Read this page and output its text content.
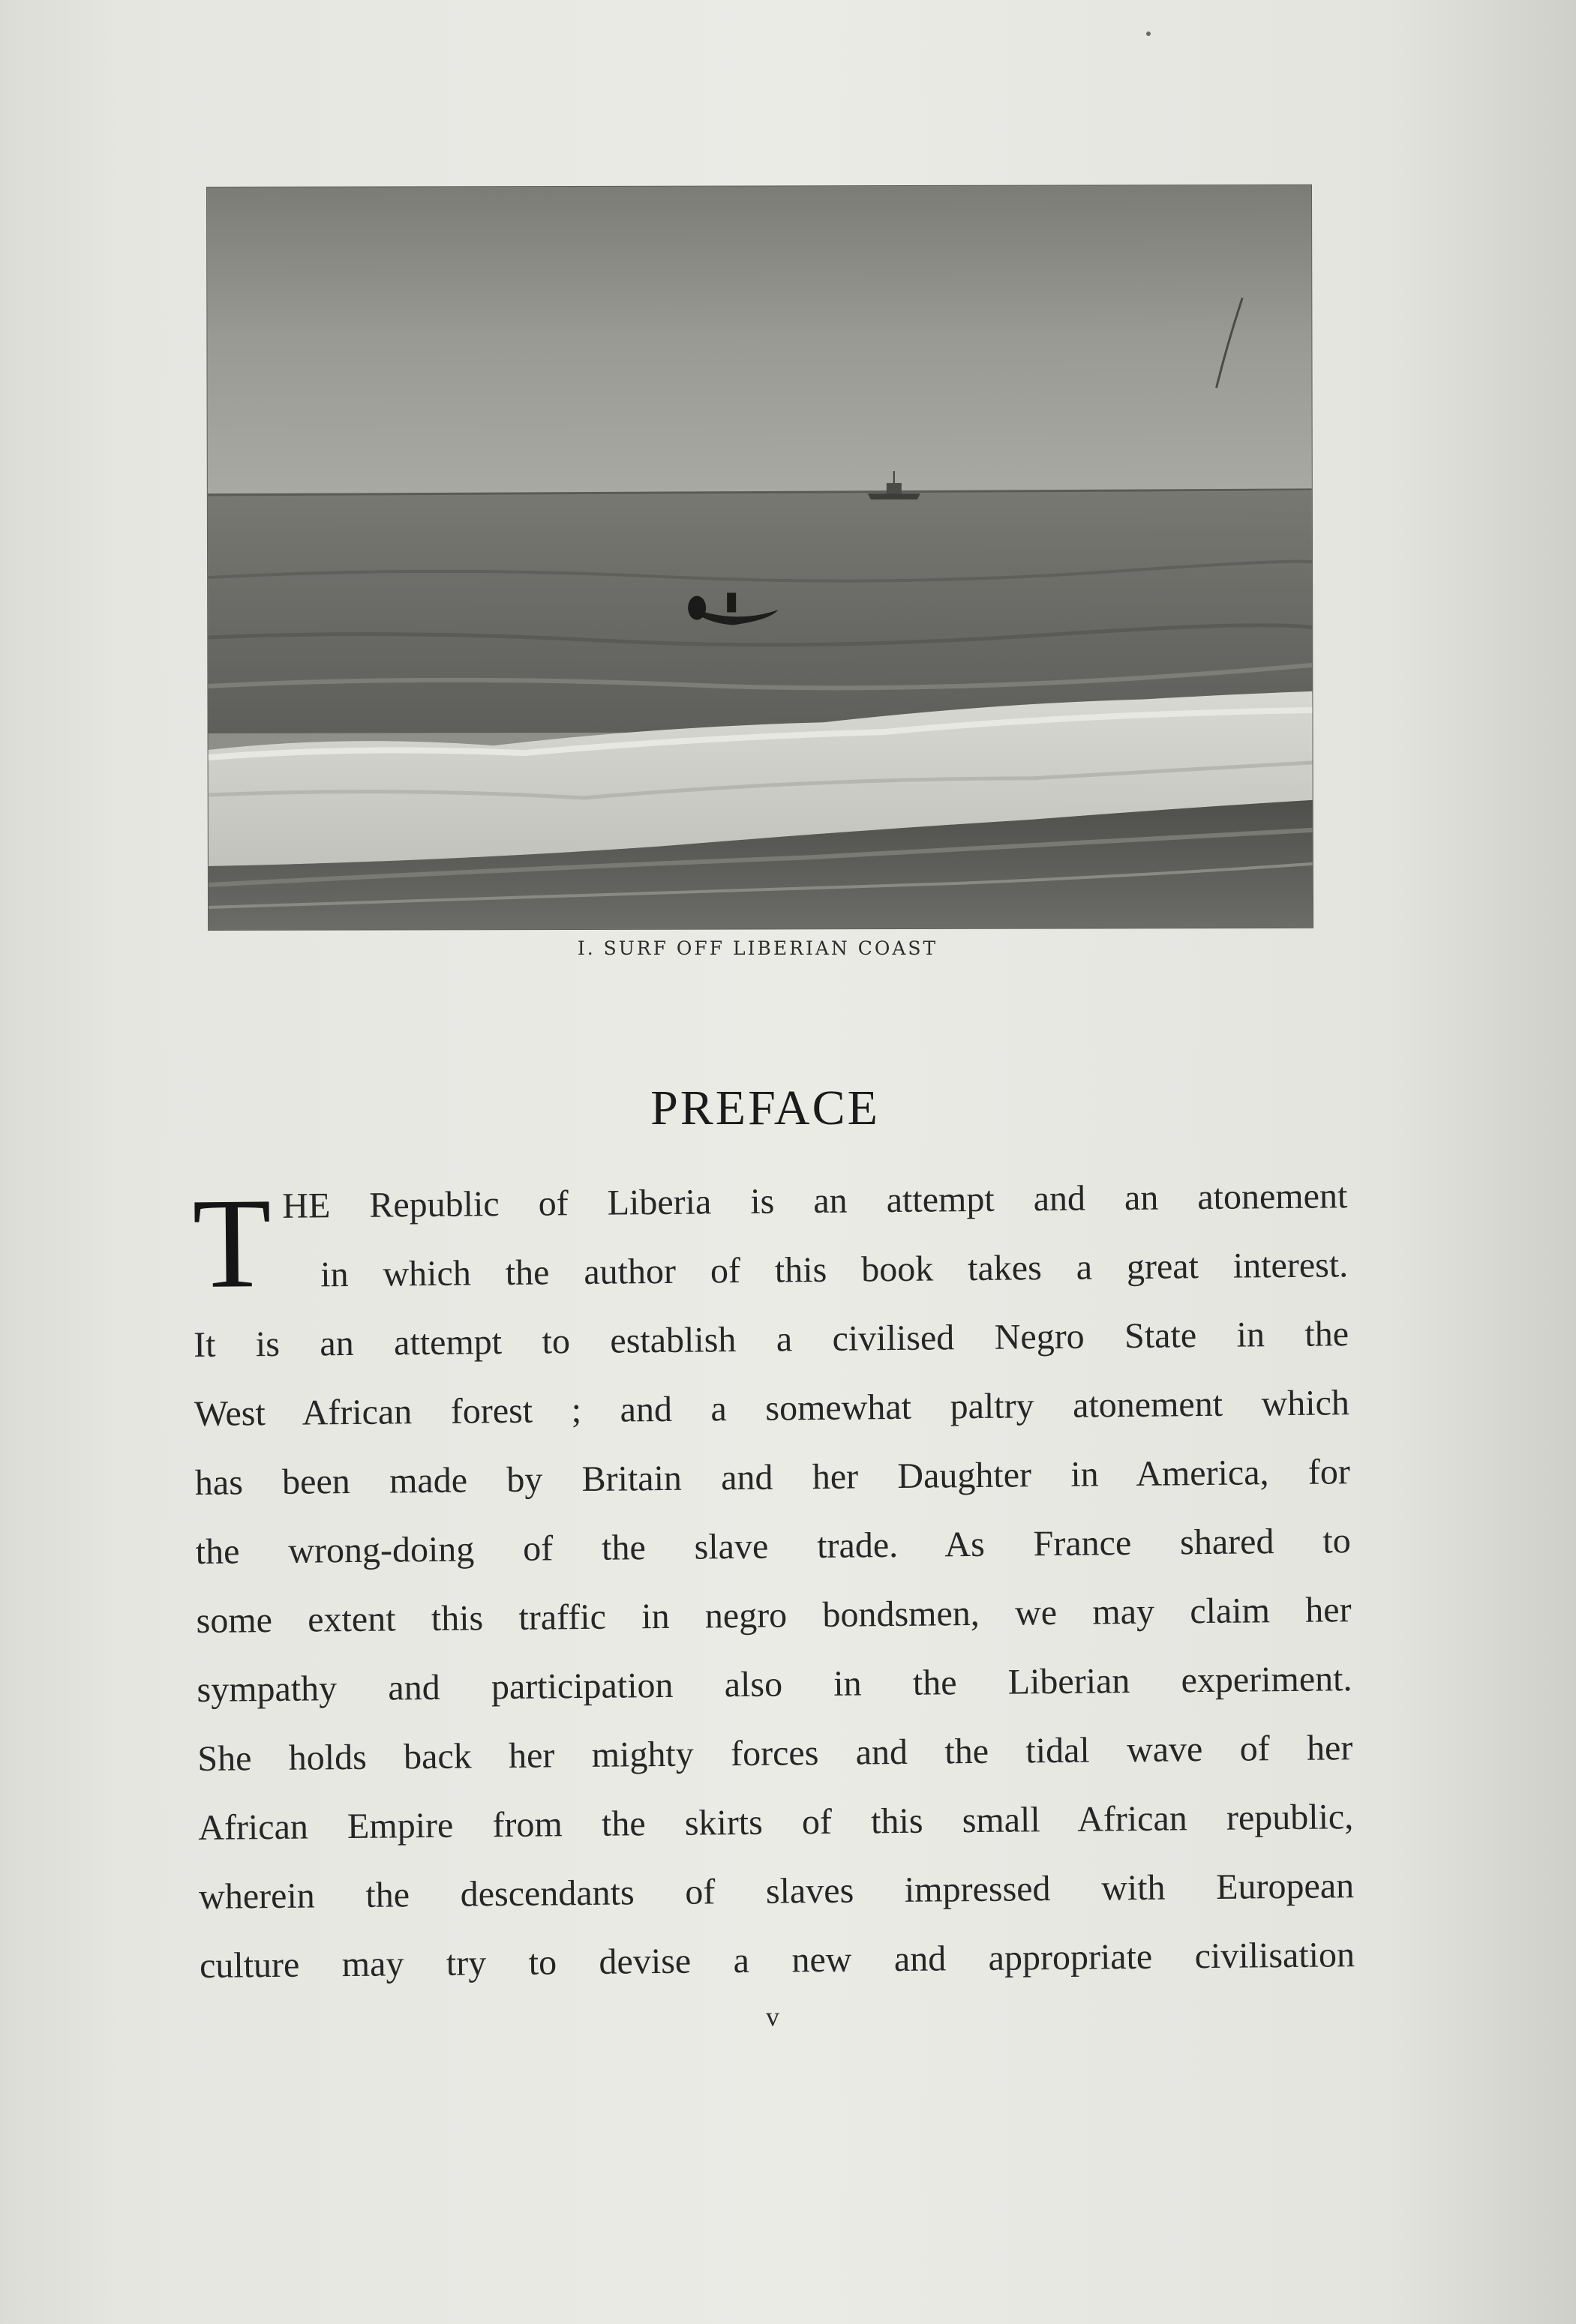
I. SURF OFF LIBERIAN COAST
PREFACE
T HE Republic of Liberia is an attempt and an atonement
in which the author of this book takes a great interest.
It is an attempt to establish a civilised Negro State in the
West African forest ; and a somewhat paltry atonement which
has been made by Britain and her Daughter in America, for
the wrong-doing of the slave trade. As France shared to
some extent this traffic in negro bondsmen, we may claim her
sympathy and participation also in the Liberian experiment.
She holds back her mighty forces and the tidal wave of her
African Empire from the skirts of this small African republic,
wherein the descendants of slaves impressed with European
culture may try to devise a new and appropriate civilisation
v
